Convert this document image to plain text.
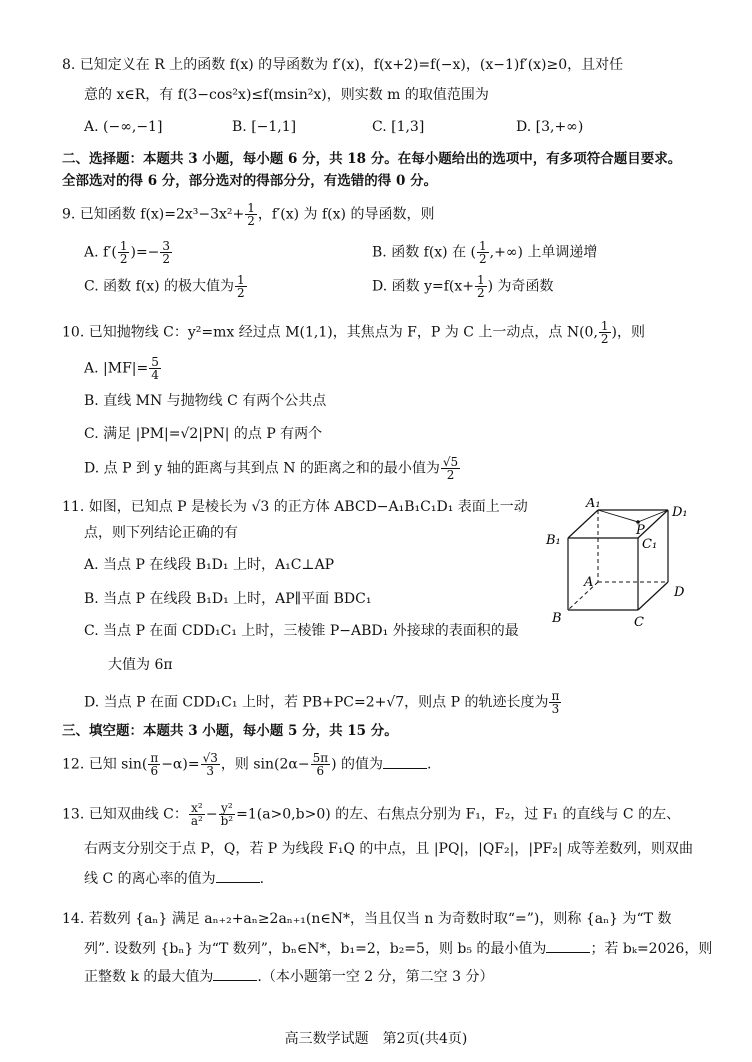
8. 已知定义在 R 上的函数 f(x) 的导函数为 f′(x)，f(x+2)=f(−x)，(x−1)f′(x)≥0，且对任
意的 x∈R，有 f(3−cos²x)≤f(msin²x)，则实数 m 的取值范围为
A. (−∞,−1]	B. [−1,1]	C. [1,3]	D. [3,+∞)
二、选择题：本题共 3 小题，每小题 6 分，共 18 分。在每小题给出的选项中，有多项符合题目要求。
全部选对的得 6 分，部分选对的得部分分，有选错的得 0 分。
9. 已知函数 $f(x)=2x^3-3x^2+ \frac{1}{2}$ ，f′(x) 为 f(x) 的导函数，则
A. $f'( \frac{1}{2}$ )=− $\frac{3}{2}$	B. 函数 f(x) 在 ( $\frac{1}{2}$ ,+∞) 上单调递增
C. 函数 f(x) 的极大值为 $\frac{1}{2}$	D. 函数 $y=f(x+ \frac{1}{2}$ ) 为奇函数
10. 已知抛物线 C：y²=mx 经过点 M(1,1)，其焦点为 F，P 为 C 上一动点，点 N(0, $\frac{1}{2}$ )，则
A. $|MF|= \frac{5}{4}$
B. 直线 MN 与抛物线 C 有两个公共点
C. 满足 |PM|=√2|PN| 的点 P 有两个
D. 点 P 到 y 轴的距离与其到点 N 的距离之和的最小值为 $\frac{√5}{2}$
11. 如图，已知点 P 是棱长为 √3 的正方体 ABCD−A₁B₁C₁D₁ 表面上一动
点，则下列结论正确的有
A. 当点 P 在线段 B₁D₁ 上时，A₁C⊥AP
B. 当点 P 在线段 B₁D₁ 上时，AP∥平面 BDC₁
C. 当点 P 在面 CDD₁C₁ 上时，三棱锥 P−ABD₁ 外接球的表面积的最
大值为 6π
D. 当点 P 在面 CDD₁C₁ 上时，若 PB+PC=2+√7，则点 P 的轨迹长度为 $\frac{\pi}{3}$
A₁
D₁
B₁	C₁
P
A
D
B	C
三、填空题：本题共 3 小题，每小题 5 分，共 15 分。
12. 已知 $\sin( \frac{\pi}{6} -\alpha)= \frac{√3}{3}$ ，则 $\sin(2\alpha- \frac{5\pi}{6}$ ) 的值为	.
13. 已知双曲线 C： $\frac{\text{x²}}{\text{a²}} - \frac{\text{y²}}{\text{b²}} =1(a>0,b>0)$ 的左、右焦点分别为 F₁，F₂，过 F₁ 的直线与 C 的左、
右两支分别交于点 P，Q，若 P 为线段 F₁Q 的中点，且 |PQ|，|QF₂|，|PF₂| 成等差数列，则双曲
线 C 的离心率的值为	.
14. 若数列 {aₙ} 满足 aₙ₊₂+aₙ≥2aₙ₊₁(n∈N*，当且仅当 n 为奇数时取“=”)，则称 {aₙ} 为“T 数
列”. 设数列 {bₙ} 为“T 数列”，bₙ∈N*，b₁=2，b₂=5，则 b₅ 的最小值为	；若 bₖ=2026，则
正整数 k 的最大值为	.（本小题第一空 2 分，第二空 3 分）
高三数学试题　第2页(共4页)
